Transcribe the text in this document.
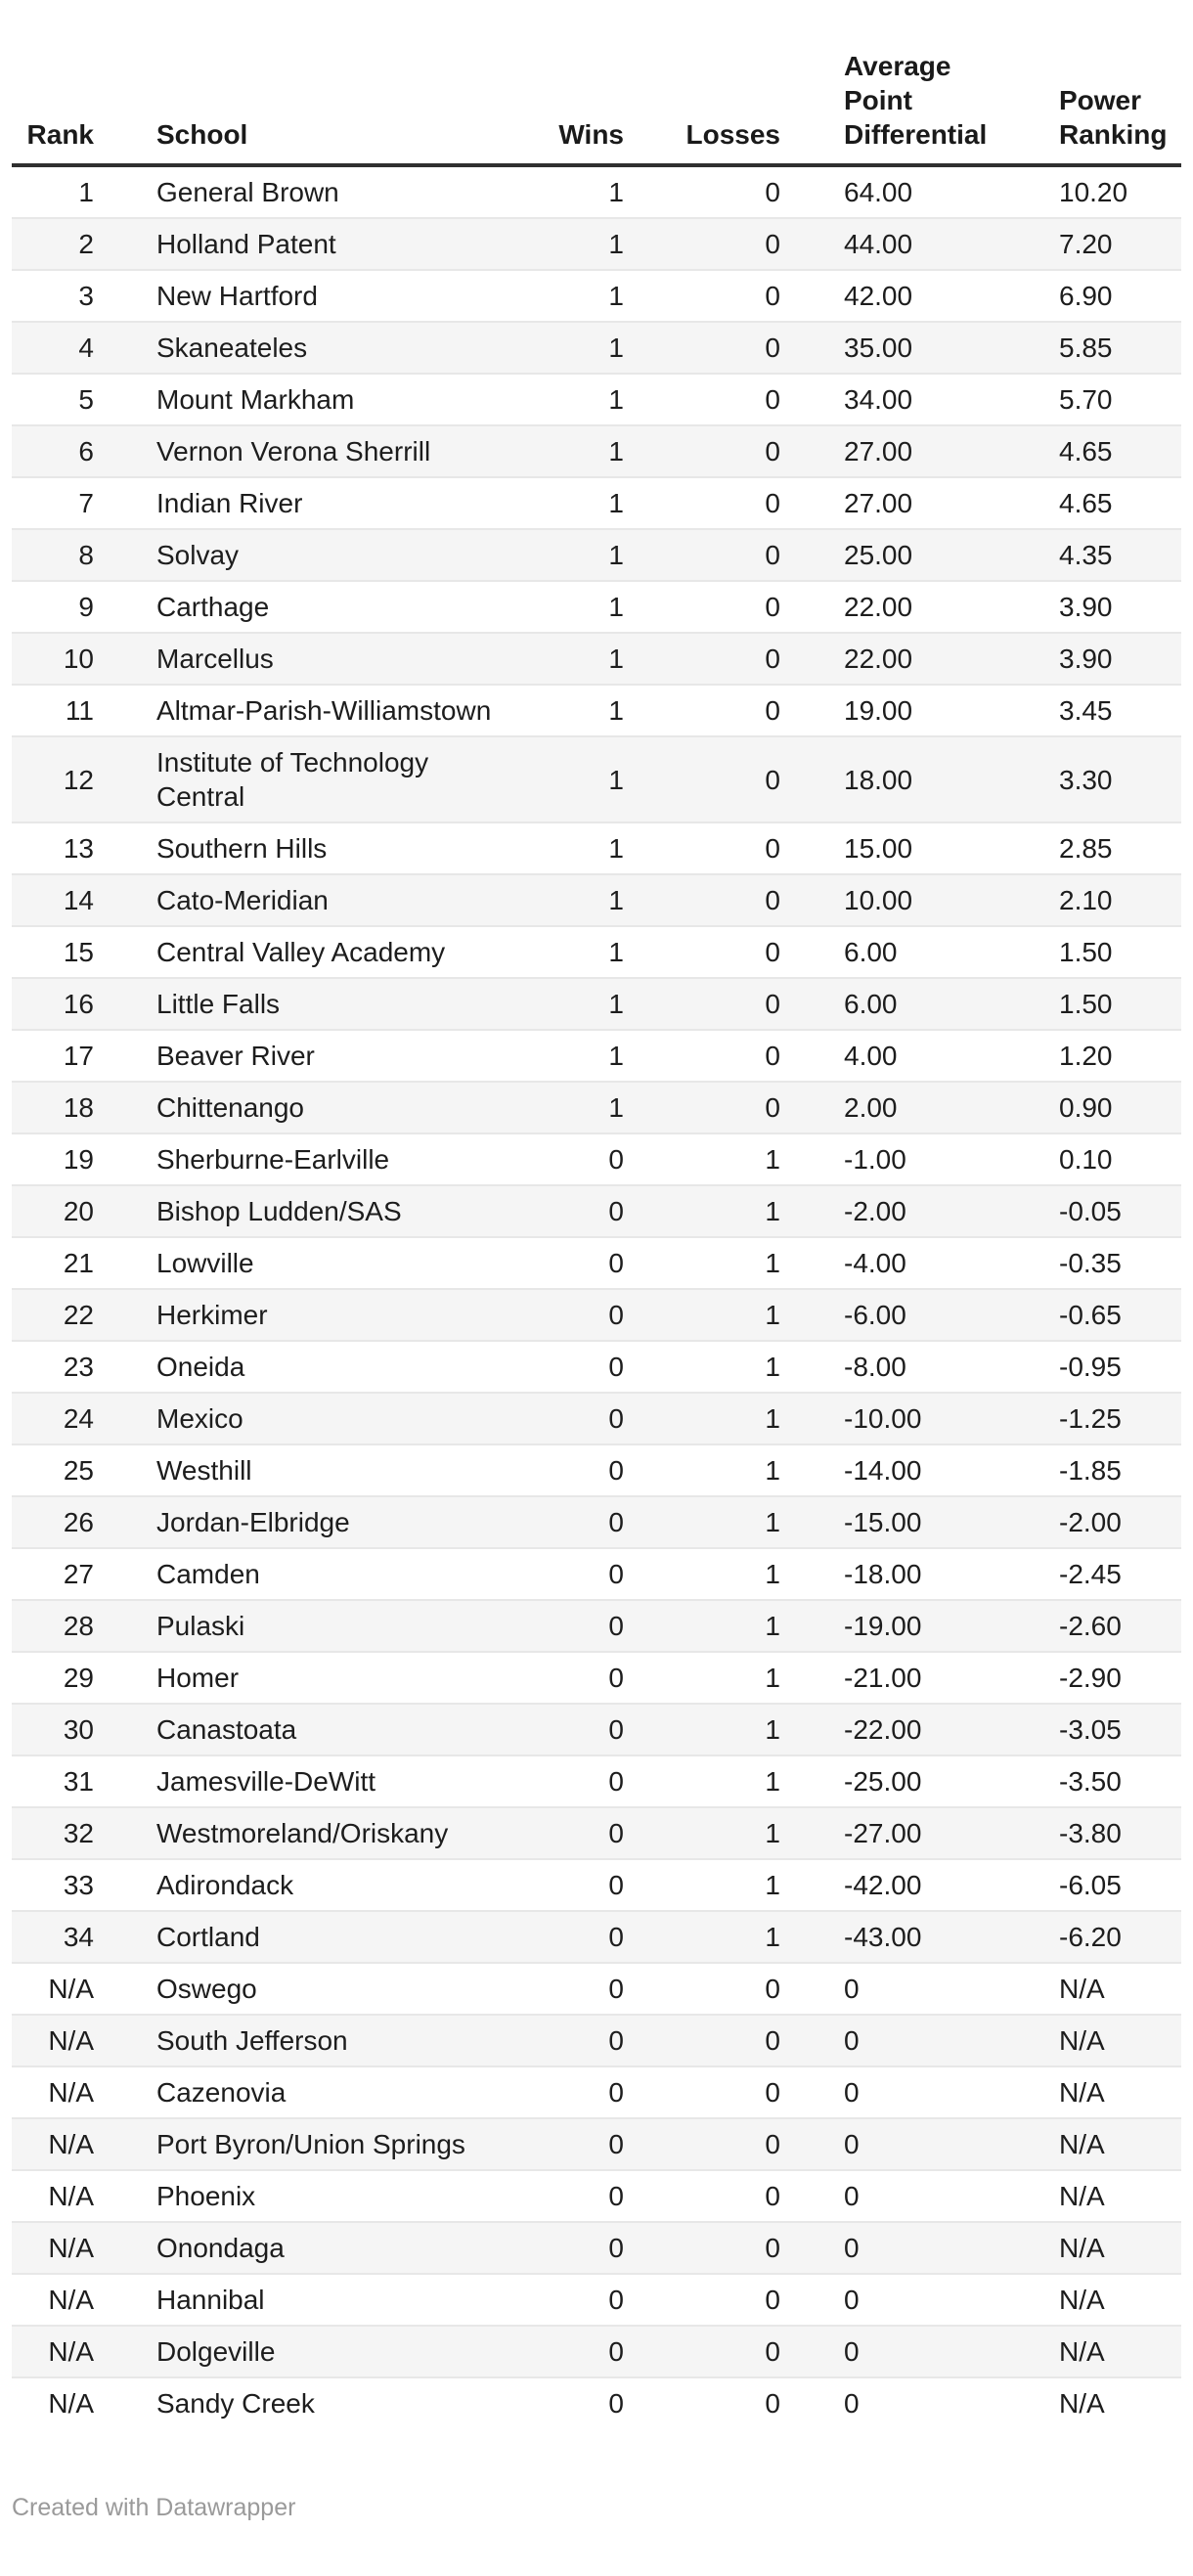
Rank	School	Wins	Losses	Average Point Differential	Power Ranking
1	General Brown	1	0	64.00	10.20
2	Holland Patent	1	0	44.00	7.20
3	New Hartford	1	0	42.00	6.90
4	Skaneateles	1	0	35.00	5.85
5	Mount Markham	1	0	34.00	5.70
6	Vernon Verona Sherrill	1	0	27.00	4.65
7	Indian River	1	0	27.00	4.65
8	Solvay	1	0	25.00	4.35
9	Carthage	1	0	22.00	3.90
10	Marcellus	1	0	22.00	3.90
11	Altmar-Parish-Williamstown	1	0	19.00	3.45
12	Institute of Technology Central	1	0	18.00	3.30
13	Southern Hills	1	0	15.00	2.85
14	Cato-Meridian	1	0	10.00	2.10
15	Central Valley Academy	1	0	6.00	1.50
16	Little Falls	1	0	6.00	1.50
17	Beaver River	1	0	4.00	1.20
18	Chittenango	1	0	2.00	0.90
19	Sherburne-Earlville	0	1	-1.00	0.10
20	Bishop Ludden/SAS	0	1	-2.00	-0.05
21	Lowville	0	1	-4.00	-0.35
22	Herkimer	0	1	-6.00	-0.65
23	Oneida	0	1	-8.00	-0.95
24	Mexico	0	1	-10.00	-1.25
25	Westhill	0	1	-14.00	-1.85
26	Jordan-Elbridge	0	1	-15.00	-2.00
27	Camden	0	1	-18.00	-2.45
28	Pulaski	0	1	-19.00	-2.60
29	Homer	0	1	-21.00	-2.90
30	Canastoata	0	1	-22.00	-3.05
31	Jamesville-DeWitt	0	1	-25.00	-3.50
32	Westmoreland/Oriskany	0	1	-27.00	-3.80
33	Adirondack	0	1	-42.00	-6.05
34	Cortland	0	1	-43.00	-6.20
N/A	Oswego	0	0	0	N/A
N/A	South Jefferson	0	0	0	N/A
N/A	Cazenovia	0	0	0	N/A
N/A	Port Byron/Union Springs	0	0	0	N/A
N/A	Phoenix	0	0	0	N/A
N/A	Onondaga	0	0	0	N/A
N/A	Hannibal	0	0	0	N/A
N/A	Dolgeville	0	0	0	N/A
N/A	Sandy Creek	0	0	0	N/A
Created with Datawrapper
